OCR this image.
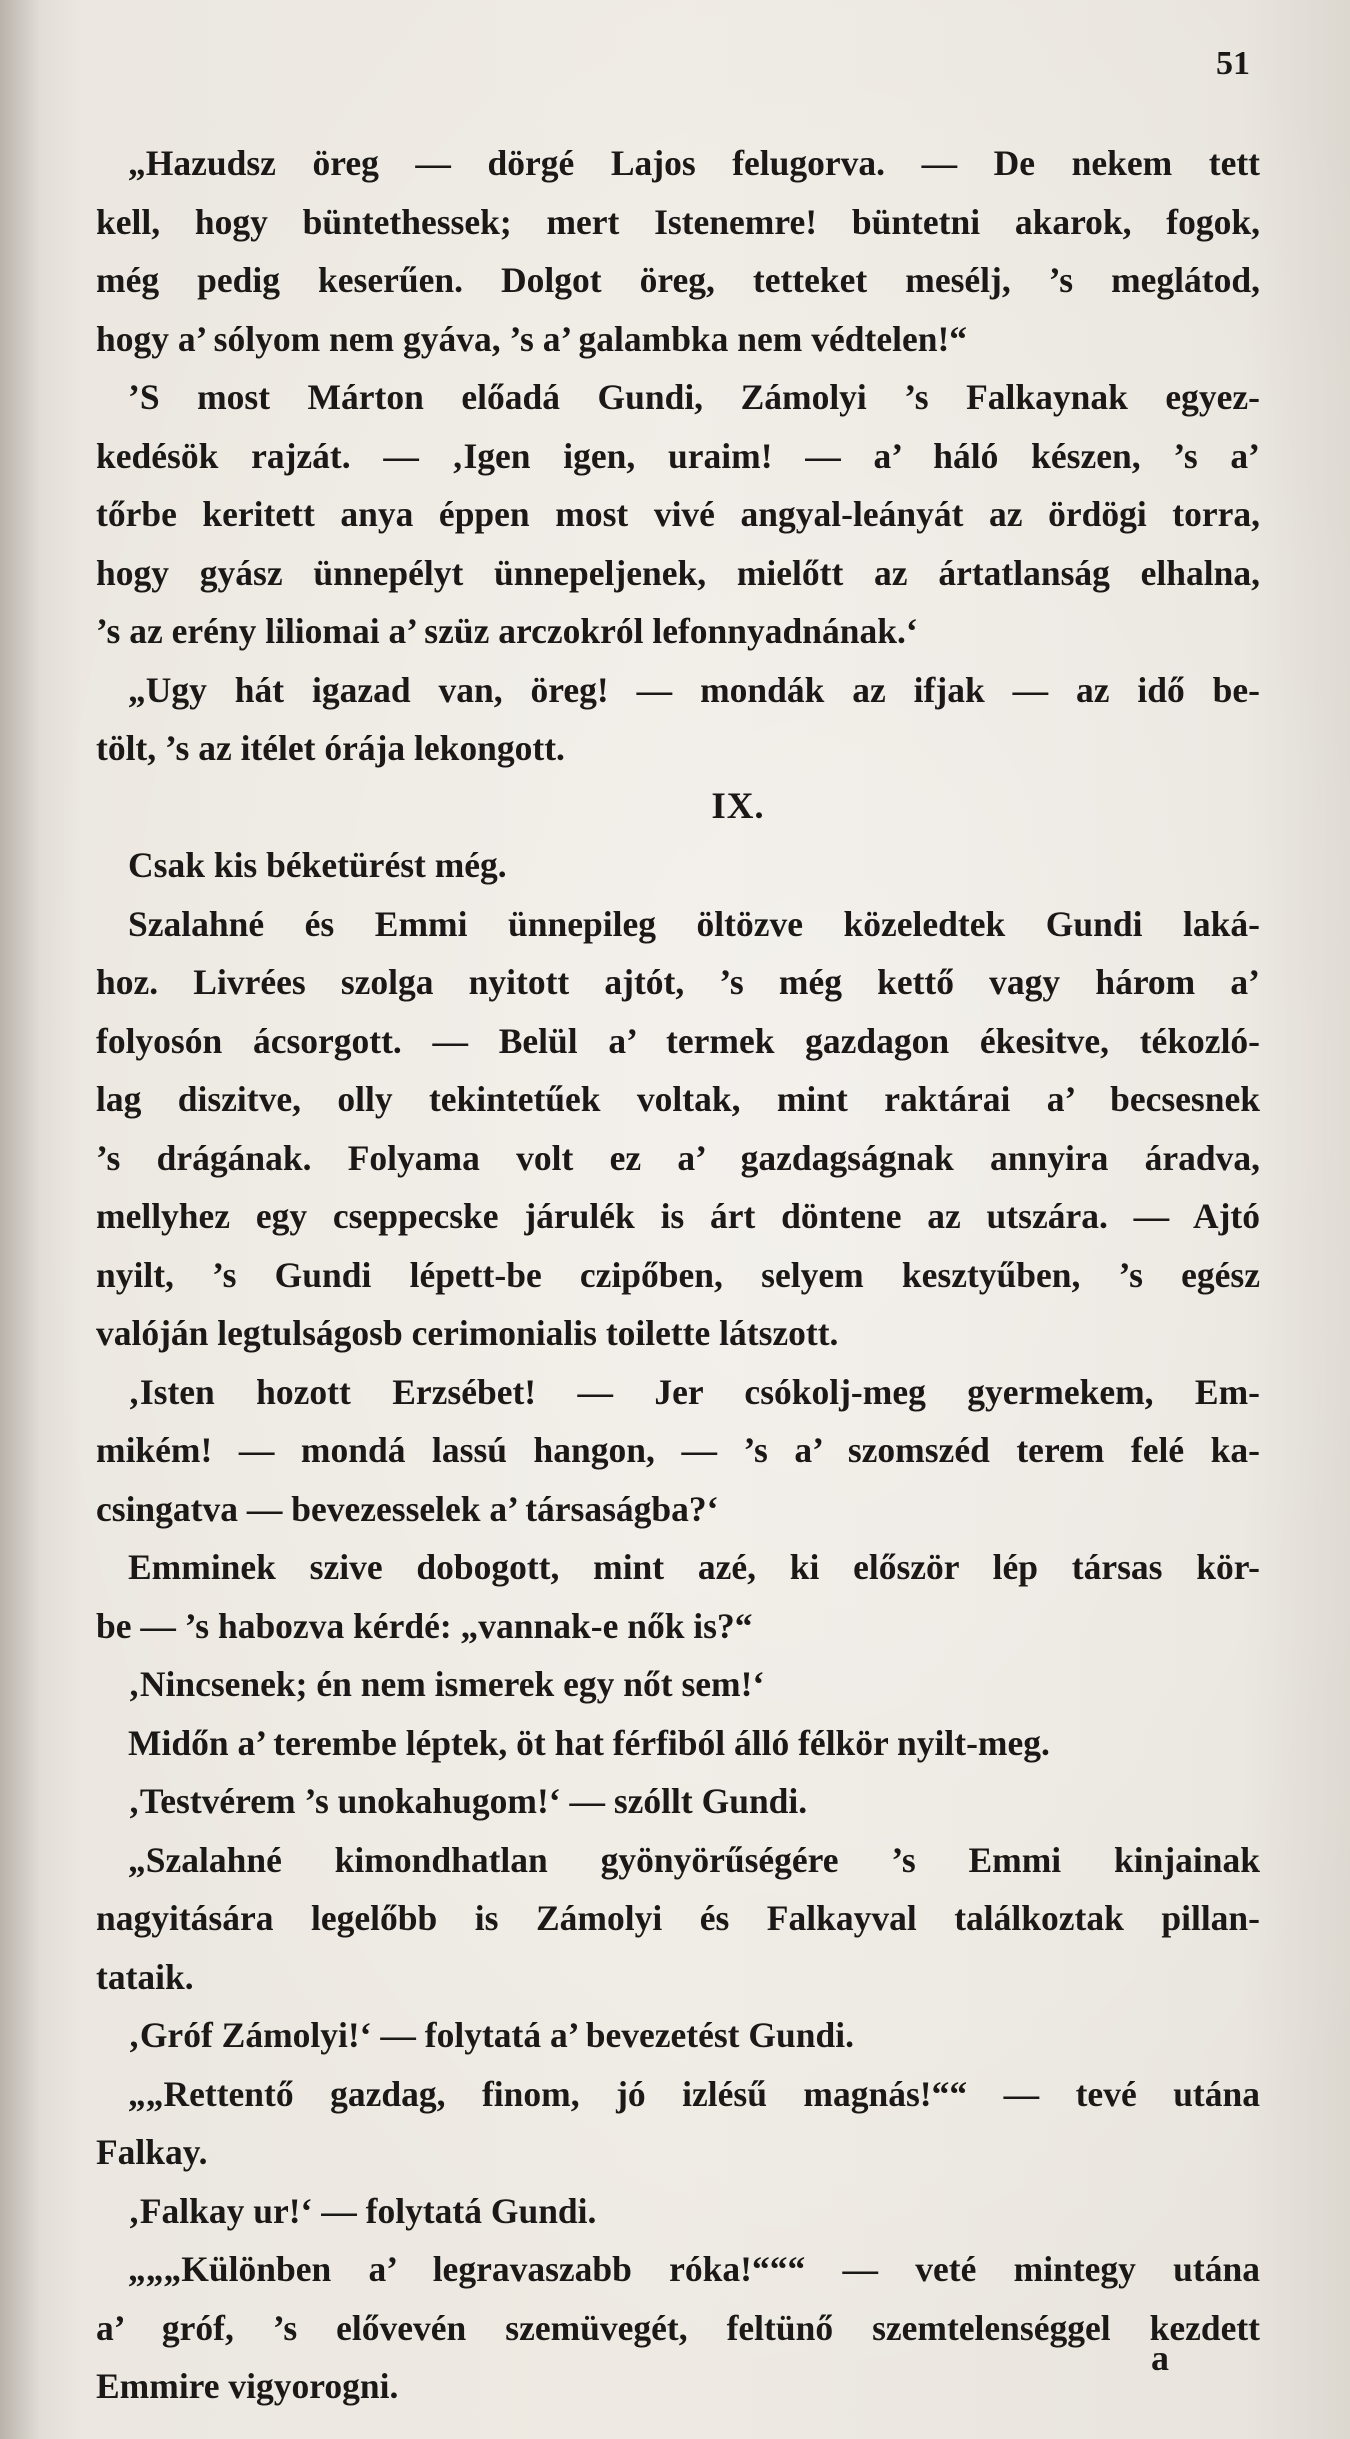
51
„Hazudsz öreg — dörgé Lajos felugorva. — De nekem tett
kell, hogy büntethessek; mert Istenemre! büntetni akarok, fogok,
még pedig keserűen. Dolgot öreg, tetteket mesélj, ’s meglátod,
hogy a’ sólyom nem gyáva, ’s a’ galambka nem védtelen!“
’S most Márton előadá Gundi, Zámolyi ’s Falkaynak egyez-
kedésök rajzát. — ‚Igen igen, uraim! — a’ háló készen, ’s a’
tőrbe keritett anya éppen most vivé angyal-leányát az ördögi torra,
hogy gyász ünnepélyt ünnepeljenek, mielőtt az ártatlanság elhalna,
’s az erény liliomai a’ szüz arczokról lefonnyadnának.‘
„Ugy hát igazad van, öreg! — mondák az ifjak — az idő be-
tölt, ’s az itélet órája lekongott.
IX.
Csak kis béketürést még.
Szalahné és Emmi ünnepileg öltözve közeledtek Gundi laká-
hoz. Livrées szolga nyitott ajtót, ’s még kettő vagy három a’
folyosón ácsorgott. — Belül a’ termek gazdagon ékesitve, tékozló-
lag diszitve, olly tekintetűek voltak, mint raktárai a’ becsesnek
’s drágának. Folyama volt ez a’ gazdagságnak annyira áradva,
mellyhez egy cseppecske járulék is árt döntene az utszára. — Ajtó
nyilt, ’s Gundi lépett-be czipőben, selyem kesztyűben, ’s egész
valóján legtulságosb cerimonialis toilette látszott.
‚Isten hozott Erzsébet! — Jer csókolj-meg gyermekem, Em-
mikém! — mondá lassú hangon, — ’s a’ szomszéd terem felé ka-
csingatva — bevezesselek a’ társaságba?‘
Emminek szive dobogott, mint azé, ki először lép társas kör-
be — ’s habozva kérdé: „vannak-e nők is?“
‚Nincsenek; én nem ismerek egy nőt sem!‘
Midőn a’ terembe léptek, öt hat férfiból álló félkör nyilt-meg.
‚Testvérem ’s unokahugom!‘ — szóllt Gundi.
„Szalahné kimondhatlan gyönyörűségére ’s Emmi kinjainak
nagyitására legelőbb is Zámolyi és Falkayval találkoztak pillan-
tataik.
‚Gróf Zámolyi!‘ — folytatá a’ bevezetést Gundi.
„„Rettentő gazdag, finom, jó izlésű magnás!““ — tevé utána
Falkay.
‚Falkay ur!‘ — folytatá Gundi.
„„„Különben a’ legravaszabb róka!“““ — veté mintegy utána
a’ gróf, ’s elővevén szemüvegét, feltünő szemtelenséggel kezdett
Emmire vigyorogni.
a
